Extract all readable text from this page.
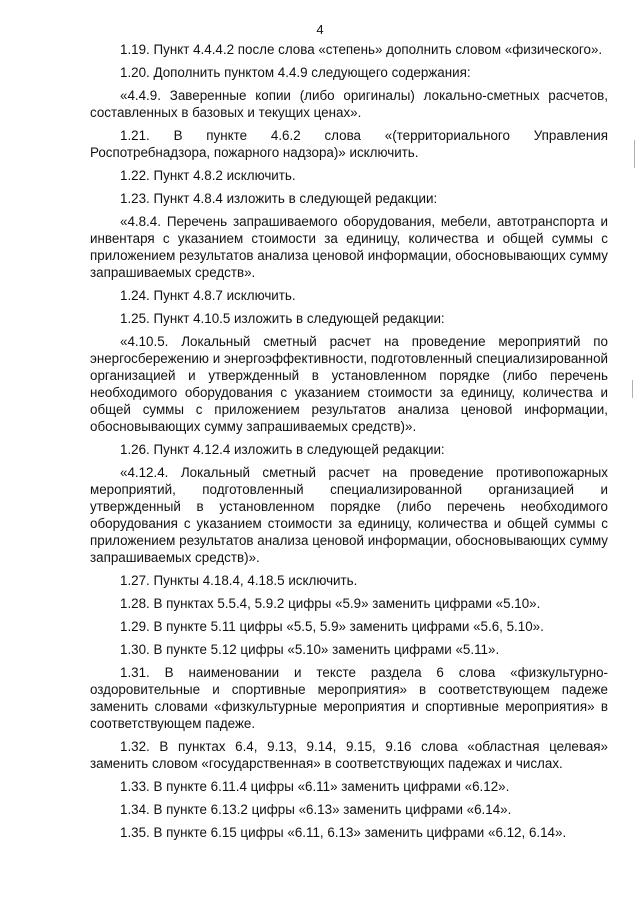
4

1.19. Пункт 4.4.4.2 после слова «степень» дополнить словом «физического».

1.20. Дополнить пунктом 4.4.9 следующего содержания:

«4.4.9. Заверенные копии (либо оригиналы) локально-сметных расчетов, составленных в базовых и текущих ценах».

1.21. В пункте 4.6.2 слова «(территориального Управления Роспотребнадзора, пожарного надзора)» исключить.

1.22. Пункт 4.8.2 исключить.

1.23. Пункт 4.8.4 изложить в следующей редакции:

«4.8.4. Перечень запрашиваемого оборудования, мебели, автотранспорта и инвентаря с указанием стоимости за единицу, количества и общей суммы с приложением результатов анализа ценовой информации, обосновывающих сумму запрашиваемых средств».

1.24. Пункт 4.8.7 исключить.

1.25. Пункт 4.10.5 изложить в следующей редакции:

«4.10.5. Локальный сметный расчет на проведение мероприятий по энергосбережению и энергоэффективности, подготовленный специализированной организацией и утвержденный в установленном порядке (либо перечень необходимого оборудования с указанием стоимости за единицу, количества и общей суммы с приложением результатов анализа ценовой информации, обосновывающих сумму запрашиваемых средств)».

1.26. Пункт 4.12.4 изложить в следующей редакции:

«4.12.4. Локальный сметный расчет на проведение противопожарных мероприятий, подготовленный специализированной организацией и утвержденный в установленном порядке (либо перечень необходимого оборудования с указанием стоимости за единицу, количества и общей суммы с приложением результатов анализа ценовой информации, обосновывающих сумму запрашиваемых средств)».

1.27. Пункты 4.18.4, 4.18.5 исключить.

1.28. В пунктах 5.5.4, 5.9.2 цифры «5.9» заменить цифрами «5.10».

1.29. В пункте 5.11 цифры «5.5, 5.9» заменить цифрами «5.6, 5.10».

1.30. В пункте 5.12 цифры «5.10» заменить цифрами «5.11».

1.31. В наименовании и тексте раздела 6 слова «физкультурно-оздоровительные и спортивные мероприятия» в соответствующем падеже заменить словами «физкультурные мероприятия и спортивные мероприятия» в соответствующем падеже.

1.32. В пунктах 6.4, 9.13, 9.14, 9.15, 9.16 слова «областная целевая» заменить словом «государственная» в соответствующих падежах и числах.

1.33. В пункте 6.11.4 цифры «6.11» заменить цифрами «6.12».

1.34. В пункте 6.13.2 цифры «6.13» заменить цифрами «6.14».

1.35. В пункте 6.15 цифры «6.11, 6.13» заменить цифрами «6.12, 6.14».
